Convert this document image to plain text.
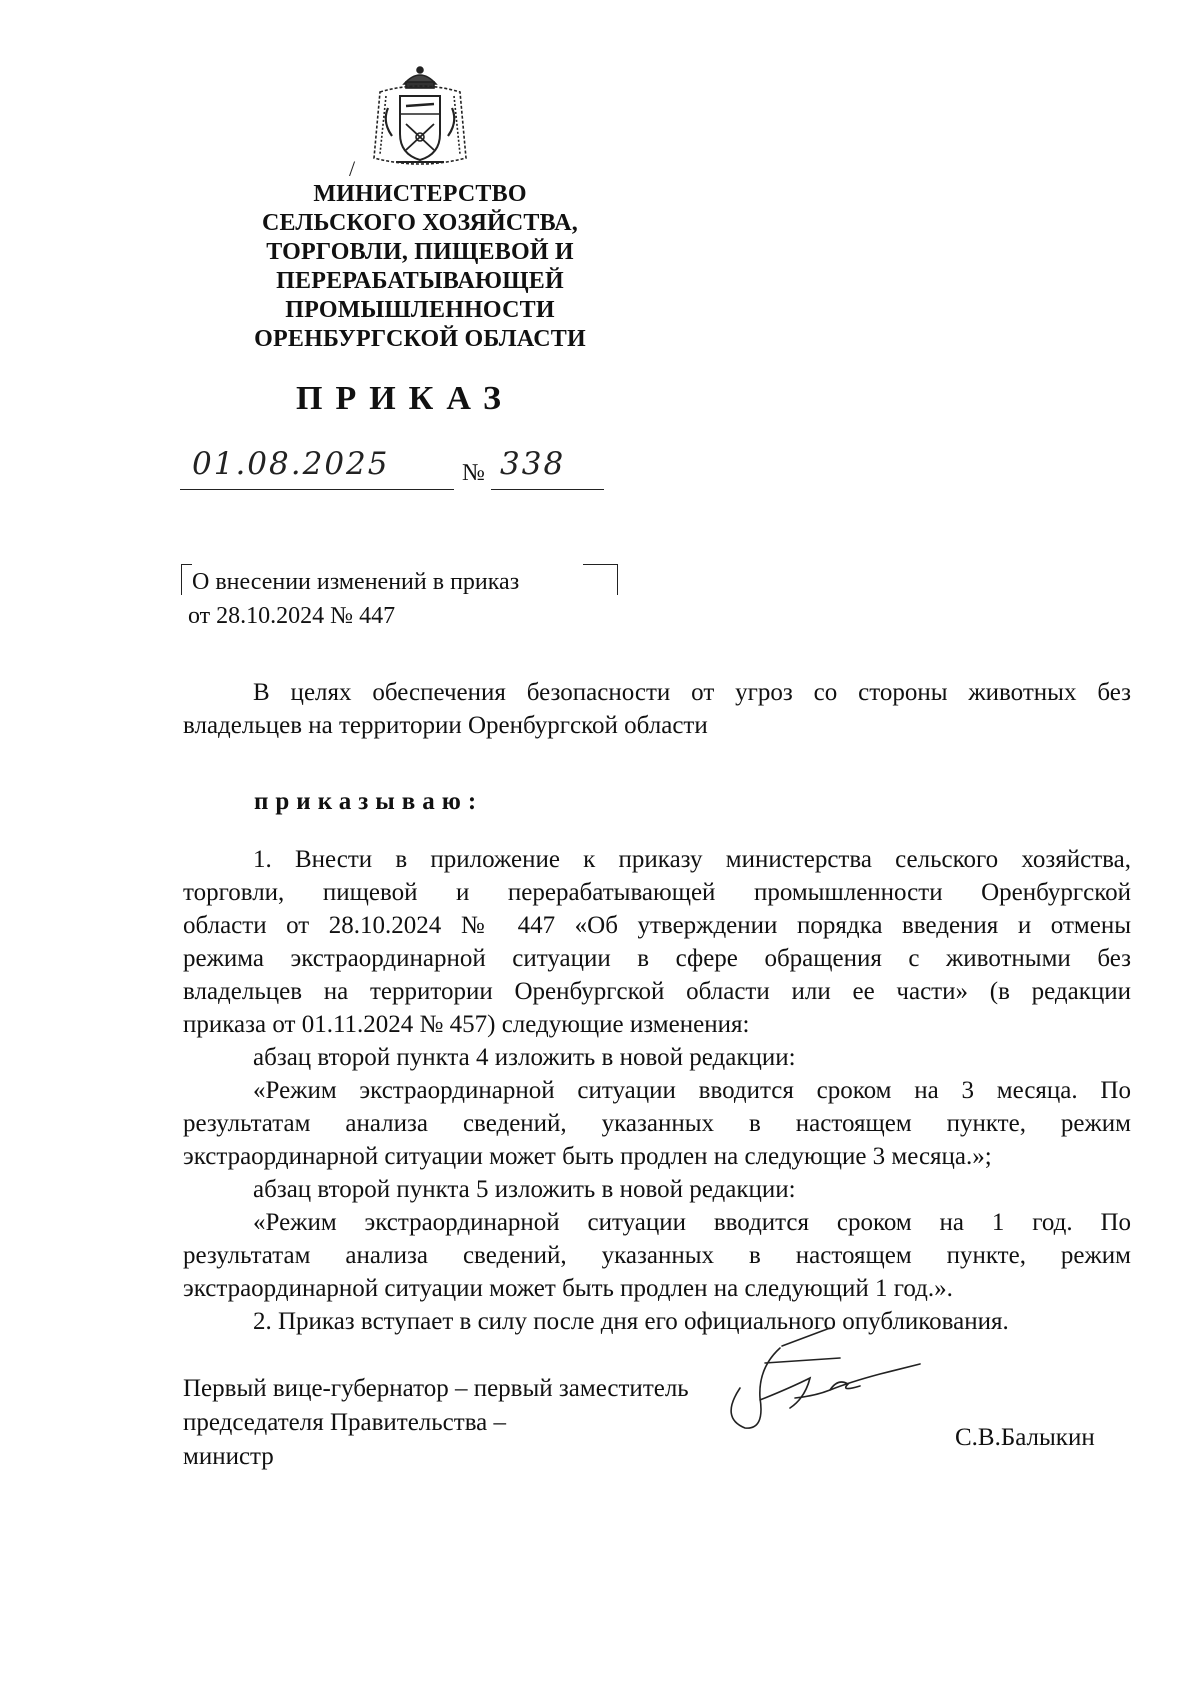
/
МИНИСТЕРСТВО
СЕЛЬСКОГО ХОЗЯЙСТВА,
ТОРГОВЛИ, ПИЩЕВОЙ И
ПЕРЕРАБАТЫВАЮЩЕЙ
ПРОМЫШЛЕННОСТИ
ОРЕНБУРГСКОЙ ОБЛАСТИ
ПРИКАЗ
01.08.2025	№ 338
О внесении изменений в приказ
от 28.10.2024 № 447
В целях обеспечения безопасности от угроз со стороны животных без
владельцев на территории Оренбургской области
приказываю:
1. Внести в приложение к приказу министерства сельского хозяйства,
торговли, пищевой и перерабатывающей промышленности Оренбургской
области от 28.10.2024 № 447 «Об утверждении порядка введения и отмены
режима экстраординарной ситуации в сфере обращения с животными без
владельцев на территории Оренбургской области или ее части» (в редакции
приказа от 01.11.2024 № 457) следующие изменения:
абзац второй пункта 4 изложить в новой редакции:
«Режим экстраординарной ситуации вводится сроком на 3 месяца. По
результатам анализа сведений, указанных в настоящем пункте, режим
экстраординарной ситуации может быть продлен на следующие 3 месяца.»;
абзац второй пункта 5 изложить в новой редакции:
«Режим экстраординарной ситуации вводится сроком на 1 год. По
результатам анализа сведений, указанных в настоящем пункте, режим
экстраординарной ситуации может быть продлен на следующий 1 год.».
2. Приказ вступает в силу после дня его официального опубликования.
Первый вице-губернатор – первый заместитель
председателя Правительства –
министр
С.В.Балыкин
